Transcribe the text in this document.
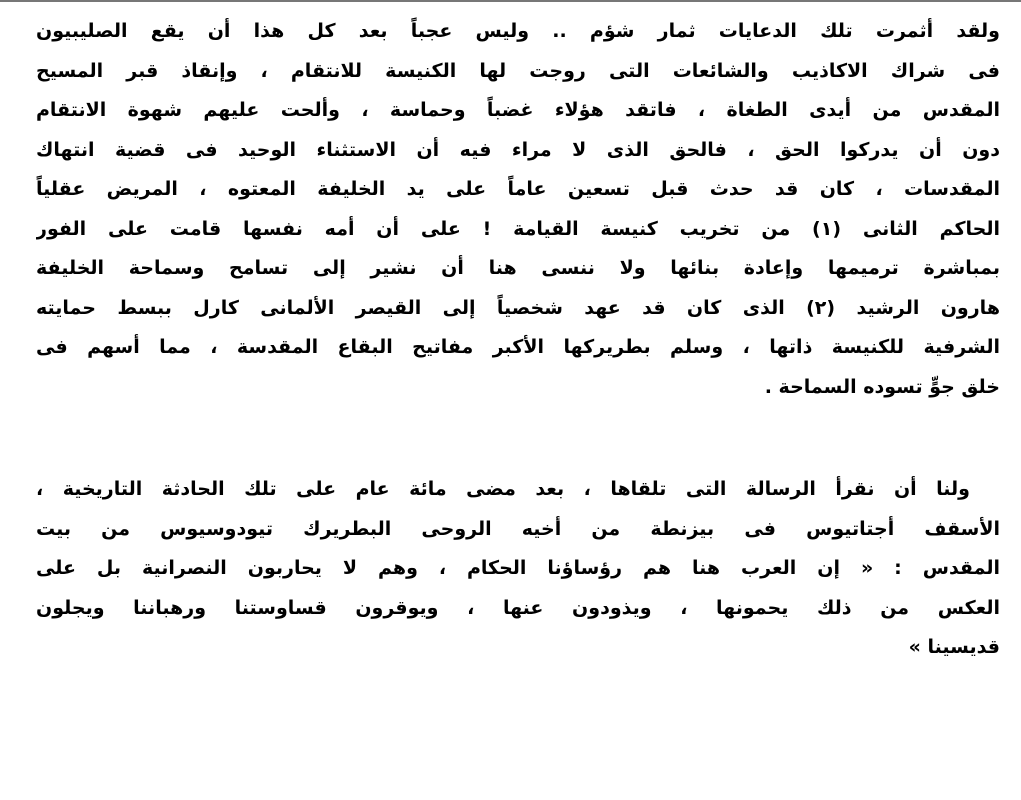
ولقد أثمرت تلك الدعايات ثمار شؤم .. وليس عجباً بعد كل هذا أن يقع الصليبيون
فى شراك الاكاذيب والشائعات التى روجت لها الكنيسة للانتقام ، وإنقاذ قبر المسيح
المقدس من أيدى الطغاة ، فاتقد هؤلاء غضباً وحماسة ، وألحت عليهم شهوة الانتقام
دون أن يدركوا الحق ، فالحق الذى لا مراء فيه أن الاستثناء الوحيد فى قضية انتهاك
المقدسات ، كان قد حدث قبل تسعين عاماً على يد الخليفة المعتوه ، المريض عقلياً
الحاكم الثانى (١) من تخريب كنيسة القيامة ! على أن أمه نفسها قامت على الفور
بمباشرة ترميمها وإعادة بنائها ولا ننسى هنا أن نشير إلى تسامح وسماحة الخليفة
هارون الرشيد (٢) الذى كان قد عهد شخصياً إلى القيصر الألمانى كارل ببسط حمايته
الشرفية للكنيسة ذاتها ، وسلم بطريركها الأكبر مفاتيح البقاع المقدسة ، مما أسهم فى
خلق جوٍّ تسوده السماحة .
ولنا أن نقرأ الرسالة التى تلقاها ، بعد مضى مائة عام على تلك الحادثة التاريخية ،
الأسقف أجتاتيوس فى بيزنطة من أخيه الروحى البطريرك تيودوسيوس من بيت
المقدس : « إن العرب هنا هم رؤساؤنا الحكام ، وهم لا يحاربون النصرانية بل على
العكس من ذلك يحمونها ، ويذودون عنها ، ويوقرون قساوستنا ورهباننا ويجلون
قديسينا »
